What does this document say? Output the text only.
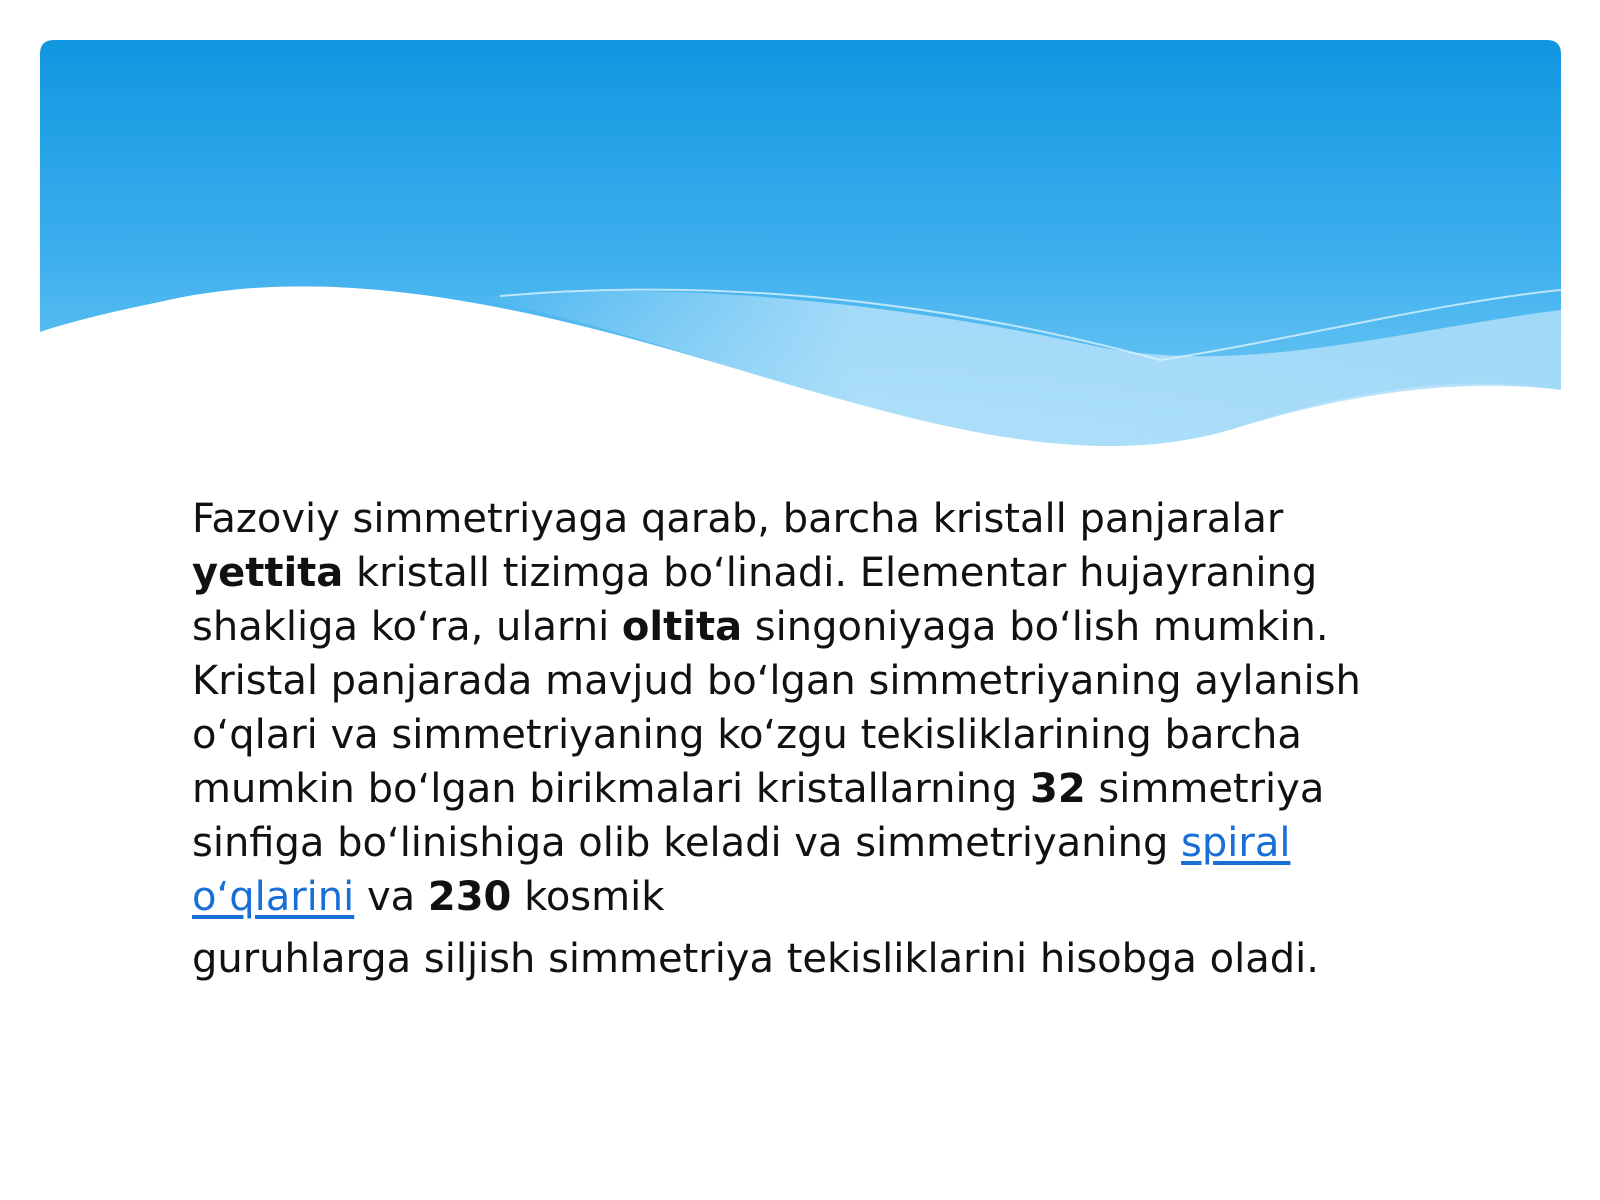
Fazoviy simmetriyaga qarab, barcha kristall panjaralar yettita kristall tizimga boʻlinadi. Elementar hujayraning shakliga koʻra, ularni oltita singoniyaga boʻlish mumkin. Kristal panjarada mavjud boʻlgan simmetriyaning aylanish oʻqlari va simmetriyaning koʻzgu tekisliklarining barcha mumkin boʻlgan birikmalari kristallarning 32 simmetriya sinfiga boʻlinishiga olib keladi va simmetriyaning spiral oʻqlarini va 230 kosmik
guruhlarga siljish simmetriya tekisliklarini hisobga oladi.
